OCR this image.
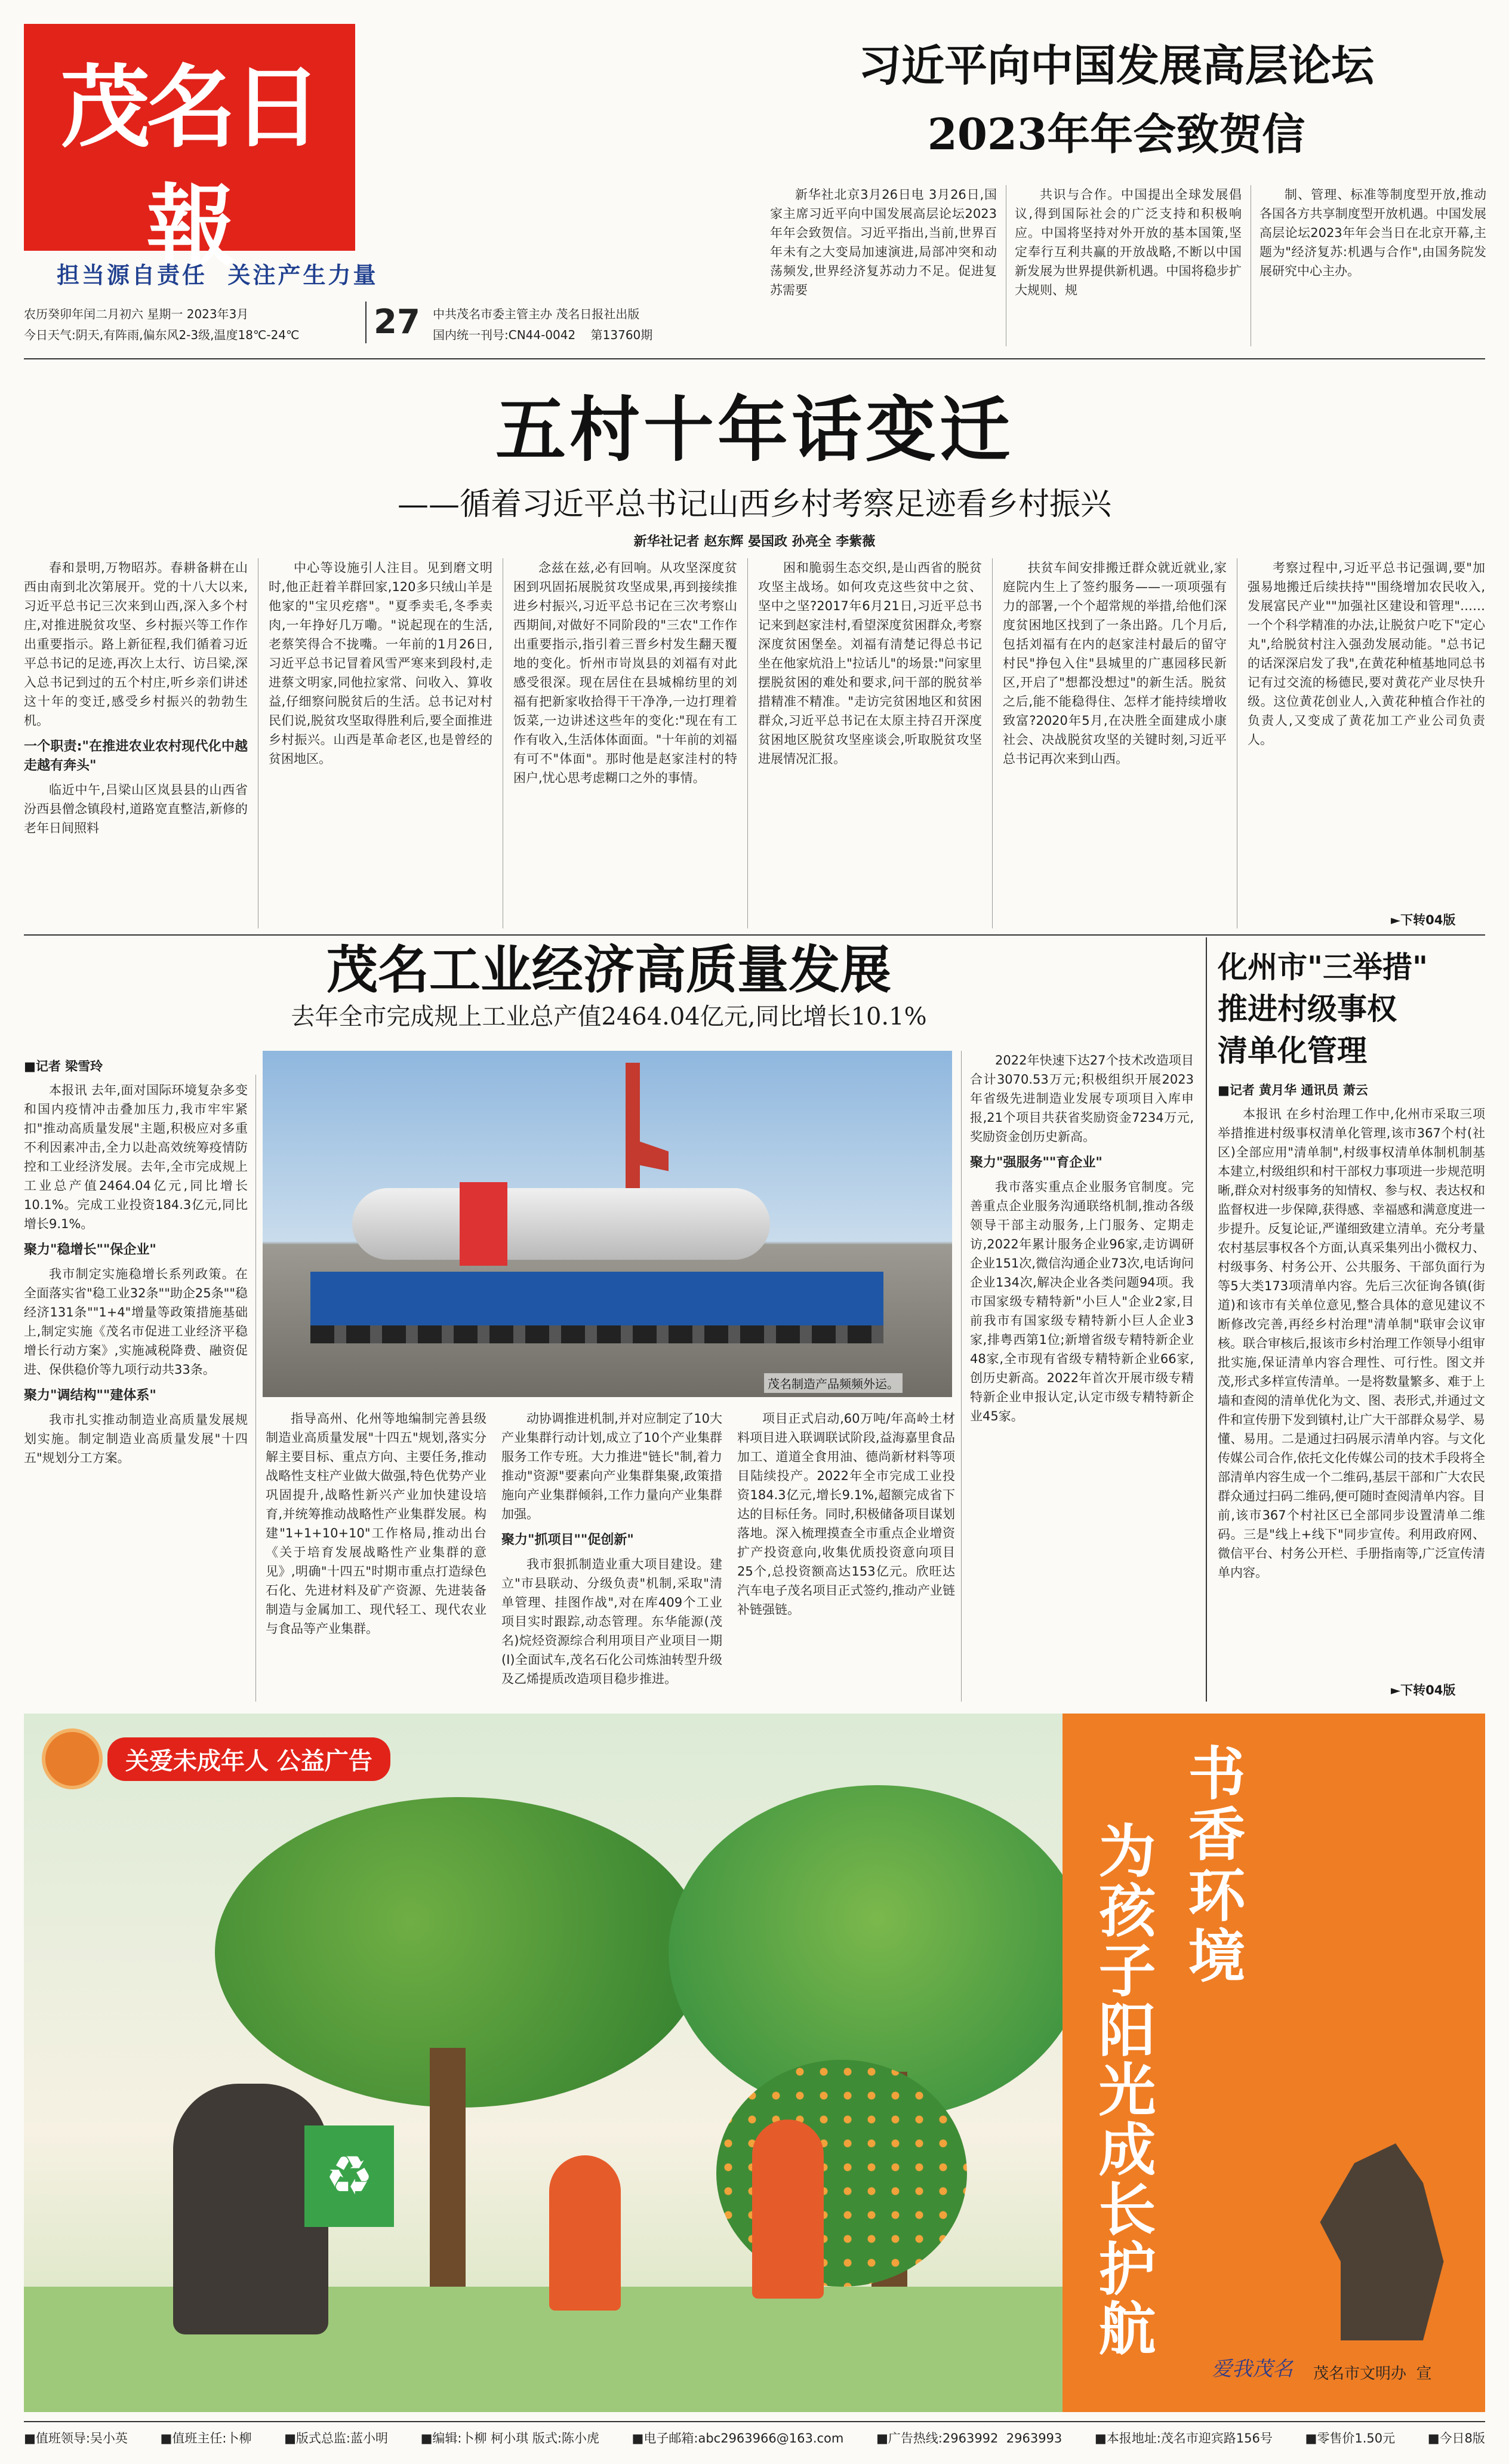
茂名日報
担当源自责任  关注产生力量
农历癸卯年闰二月初六 星期一 2023年3月
今日天气:阴天,有阵雨,偏东风2-3级,温度18℃-24℃ 27 中共茂名市委主管主办 茂名日报社出版
国内统一刊号:CN44-0042    第13760期
习近平向中国发展高层论坛
2023年年会致贺信

新华社北京3月26日电 3月26日,国家主席习近平向中国发展高层论坛2023年年会致贺信。习近平指出,当前,世界百年未有之大变局加速演进,局部冲突和动荡频发,世界经济复苏动力不足。促进复苏需要

共识与合作。中国提出全球发展倡议,得到国际社会的广泛支持和积极响应。中国将坚持对外开放的基本国策,坚定奉行互利共赢的开放战略,不断以中国新发展为世界提供新机遇。中国将稳步扩大规则、规

制、管理、标准等制度型开放,推动各国各方共享制度型开放机遇。中国发展高层论坛2023年年会当日在北京开幕,主题为"经济复苏:机遇与合作",由国务院发展研究中心主办。

五村十年话变迁
——循着习近平总书记山西乡村考察足迹看乡村振兴
新华社记者 赵东辉 晏国政 孙亮全 李紫薇

春和景明,万物昭苏。春耕备耕在山西由南到北次第展开。党的十八大以来,习近平总书记三次来到山西,深入多个村庄,对推进脱贫攻坚、乡村振兴等工作作出重要指示。路上新征程,我们循着习近平总书记的足迹,再次上太行、访吕梁,深入总书记到过的五个村庄,听乡亲们讲述这十年的变迁,感受乡村振兴的勃勃生机。

一个职责:"在推进农业农村现代化中越走越有奔头"

临近中午,吕梁山区岚县县的山西省汾西县僧念镇段村,道路宽直整洁,新修的老年日间照料

中心等设施引人注目。见到磨文明时,他正赶着羊群回家,120多只绒山羊是他家的"宝贝疙瘩"。"夏季卖毛,冬季卖肉,一年挣好几万嘞。"说起现在的生活,老蔡笑得合不拢嘴。一年前的1月26日,习近平总书记冒着风雪严寒来到段村,走进蔡文明家,同他拉家常、问收入、算收益,仔细察问脱贫后的生活。总书记对村民们说,脱贫攻坚取得胜利后,要全面推进乡村振兴。山西是革命老区,也是曾经的贫困地区。

念兹在兹,必有回响。从攻坚深度贫困到巩固拓展脱贫攻坚成果,再到接续推进乡村振兴,习近平总书记在三次考察山西期间,对做好不同阶段的"三农"工作作出重要指示,指引着三晋乡村发生翻天覆地的变化。忻州市岢岚县的刘福有对此感受很深。现在居住在县城棉纺里的刘福有把新家收拾得干干净净,一边打理着饭菜,一边讲述这些年的变化:"现在有工作有收入,生活体体面面。"十年前的刘福有可不"体面"。那时他是赵家洼村的特困户,忧心思考虑糊口之外的事情。

困和脆弱生态交织,是山西省的脱贫攻坚主战场。如何攻克这些贫中之贫、坚中之坚?2017年6月21日,习近平总书记来到赵家洼村,看望深度贫困群众,考察深度贫困堡垒。刘福有清楚记得总书记坐在他家炕沿上"拉话儿"的场景:"问家里摆脱贫困的难处和要求,问干部的脱贫举措精准不精准。"走访完贫困地区和贫困群众,习近平总书记在太原主持召开深度贫困地区脱贫攻坚座谈会,听取脱贫攻坚进展情况汇报。

扶贫车间安排搬迁群众就近就业,家庭院内生上了签约服务——一项项强有力的部署,一个个超常规的举措,给他们深度贫困地区找到了一条出路。几个月后,包括刘福有在内的赵家洼村最后的留守村民"挣包入住"县城里的广惠园移民新区,开启了"想都没想过"的新生活。脱贫之后,能不能稳得住、怎样才能持续增收致富?2020年5月,在决胜全面建成小康社会、决战脱贫攻坚的关键时刻,习近平总书记再次来到山西。

考察过程中,习近平总书记强调,要"加强易地搬迁后续扶持""围绕增加农民收入,发展富民产业""加强社区建设和管理"……一个个科学精准的办法,让脱贫户吃下"定心丸",给脱贫村注入强劲发展动能。"总书记的话深深启发了我",在黄花种植基地同总书记有过交流的杨德民,要对黄花产业尽快升级。这位黄花创业人,入黄花种植合作社的负责人,又变成了黄花加工产业公司负责人。

►下转04版
茂名工业经济高质量发展
去年全市完成规上工业总产值2464.04亿元,同比增长10.1%
■记者 梁雪玲
茂名制造产品频频外运。

本报讯 去年,面对国际环境复杂多变和国内疫情冲击叠加压力,我市牢牢紧扣"推动高质量发展"主题,积极应对多重不利因素冲击,全力以赴高效统筹疫情防控和工业经济发展。去年,全市完成规上工业总产值2464.04亿元,同比增长10.1%。完成工业投资184.3亿元,同比增长9.1%。

聚力"稳增长""保企业"

我市制定实施稳增长系列政策。在全面落实省"稳工业32条""助企25条""稳经济131条""1+4"增量等政策措施基础上,制定实施《茂名市促进工业经济平稳增长行动方案》,实施减税降费、融资促进、保供稳价等九项行动共33条。

聚力"调结构""建体系"

我市扎实推动制造业高质量发展规划实施。制定制造业高质量发展"十四五"规划分工方案。

指导高州、化州等地编制完善县级制造业高质量发展"十四五"规划,落实分解主要目标、重点方向、主要任务,推动战略性支柱产业做大做强,特色优势产业巩固提升,战略性新兴产业加快建设培育,并统筹推动战略性产业集群发展。构建"1+1+10+10"工作格局,推动出台《关于培育发展战略性产业集群的意见》,明确"十四五"时期市重点打造绿色石化、先进材料及矿产资源、先进装备制造与金属加工、现代轻工、现代农业与食品等产业集群。

动协调推进机制,并对应制定了10大产业集群行动计划,成立了10个产业集群服务工作专班。大力推进"链长"制,着力推动"资源"要素向产业集群集聚,政策措施向产业集群倾斜,工作力量向产业集群加强。

聚力"抓项目""促创新"

我市狠抓制造业重大项目建设。建立"市县联动、分级负责"机制,采取"清单管理、挂图作战",对在库409个工业项目实时跟踪,动态管理。东华能源(茂名)烷烃资源综合利用项目产业项目一期(I)全面试车,茂名石化公司炼油转型升级及乙烯提质改造项目稳步推进。

项目正式启动,60万吨/年高岭土材料项目进入联调联试阶段,益海嘉里食品加工、道道全食用油、德尚新材料等项目陆续投产。2022年全市完成工业投资184.3亿元,增长9.1%,超额完成省下达的目标任务。同时,积极储备项目谋划落地。深入梳理摸查全市重点企业增资扩产投资意向,收集优质投资意向项目25个,总投资额高达153亿元。欣旺达汽车电子茂名项目正式签约,推动产业链补链强链。

2022年快速下达27个技术改造项目合计3070.53万元;积极组织开展2023年省级先进制造业发展专项项目入库申报,21个项目共获省奖励资金7234万元,奖励资金创历史新高。

聚力"强服务""育企业"

我市落实重点企业服务官制度。完善重点企业服务沟通联络机制,推动各级领导干部主动服务,上门服务、定期走访,2022年累计服务企业96家,走访调研企业151次,微信沟通企业73次,电话询问企业134次,解决企业各类问题94项。我市国家级专精特新"小巨人"企业2家,目前我市有国家级专精特新小巨人企业3家,排粤西第1位;新增省级专精特新企业48家,全市现有省级专精特新企业66家,创历史新高。2022年首次开展市级专精特新企业申报认定,认定市级专精特新企业45家。

化州市"三举措"
推进村级事权
清单化管理
■记者 黄月华 通讯员 萧云

本报讯 在乡村治理工作中,化州市采取三项举措推进村级事权清单化管理,该市367个村(社区)全部应用"清单制",村级事权清单体制机制基本建立,村级组织和村干部权力事项进一步规范明晰,群众对村级事务的知情权、参与权、表达权和监督权进一步保障,获得感、幸福感和满意度进一步提升。反复论证,严谨细致建立清单。充分考量农村基层事权各个方面,认真采集列出小微权力、村级事务、村务公开、公共服务、干部负面行为等5大类173项清单内容。先后三次征询各镇(街道)和该市有关单位意见,整合具体的意见建议不断修改完善,再经乡村治理"清单制"联审会议审核。联合审核后,报该市乡村治理工作领导小组审批实施,保证清单内容合理性、可行性。图文并茂,形式多样宣传清单。一是将数量繁多、难于上墙和查阅的清单优化为文、图、表形式,并通过文件和宣传册下发到镇村,让广大干部群众易学、易懂、易用。二是通过扫码展示清单内容。与文化传媒公司合作,依托文化传媒公司的技术手段将全部清单内容生成一个二维码,基层干部和广大农民群众通过扫码二维码,便可随时查阅清单内容。目前,该市367个村社区已全部同步设置清单二维码。三是"线上+线下"同步宣传。利用政府网、微信平台、村务公开栏、手册指南等,广泛宣传清单内容。

►下转04版
关爱未成年人 公益广告
♻
书香环境
为孩子阳光成长护航
爱我茂名 茂名市文明办  宣
■值班领导:吴小英	■值班主任:卜柳	■版式总监:蓝小明	■编辑:卜柳 柯小琪 版式:陈小虎	■电子邮箱:abc2963966@163.com	■广告热线:2963992  2963993	■本报地址:茂名市迎宾路156号	■零售价1.50元	■今日8版
